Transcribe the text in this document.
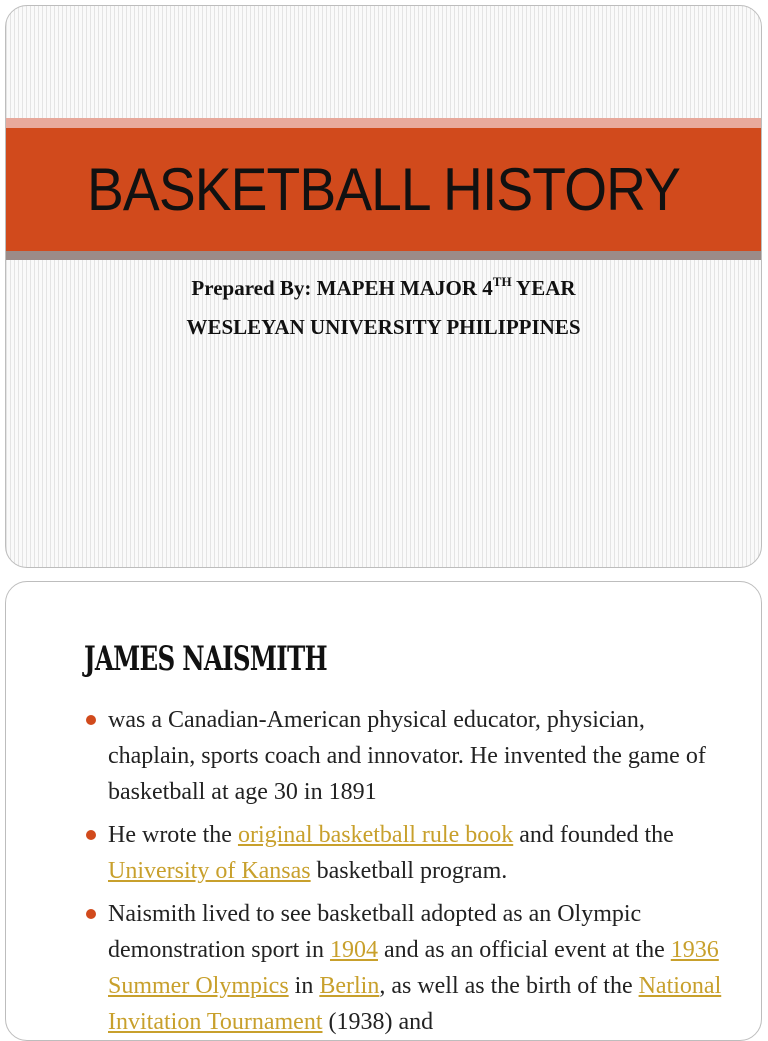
BASKETBALL HISTORY
Prepared By: MAPEH MAJOR 4TH YEAR
WESLEYAN UNIVERSITY PHILIPPINES
JAMES NAISMITH
was a Canadian-American physical educator, physician, chaplain, sports coach and innovator. He invented the game of basketball at age 30 in 1891
He wrote the original basketball rule book and founded the University of Kansas basketball program.
Naismith lived to see basketball adopted as an Olympic demonstration sport in 1904 and as an official event at the 1936 Summer Olympics in Berlin, as well as the birth of the National Invitation Tournament (1938) and
